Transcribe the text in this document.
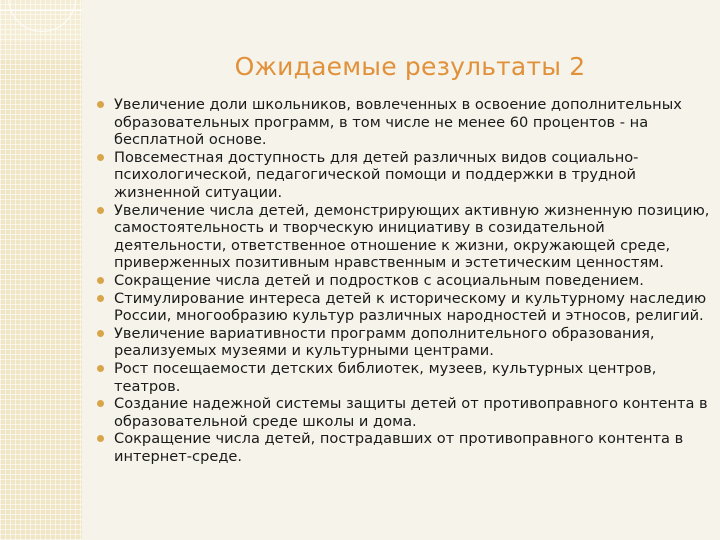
Ожидаемые результаты 2
Увеличение доли школьников, вовлеченных в освоение дополнительных образовательных программ, в том числе не менее 60 процентов - на бесплатной основе.
Повсеместная доступность для детей различных видов социально-психологической, педагогической помощи и поддержки в трудной жизненной ситуации.
Увеличение числа детей, демонстрирующих активную жизненную позицию, самостоятельность и творческую инициативу в созидательной деятельности, ответственное отношение к жизни, окружающей среде, приверженных позитивным нравственным и эстетическим ценностям.
Сокращение числа детей и подростков с асоциальным поведением.
Стимулирование интереса детей к историческому и культурному наследию России, многообразию культур различных народностей и этносов, религий.
Увеличение вариативности программ дополнительного образования, реализуемых музеями и культурными центрами.
Рост посещаемости детских библиотек, музеев, культурных центров, театров.
Создание надежной системы защиты детей от противоправного контента в образовательной среде школы и дома.
Сокращение числа детей, пострадавших от противоправного контента в интернет-среде.
